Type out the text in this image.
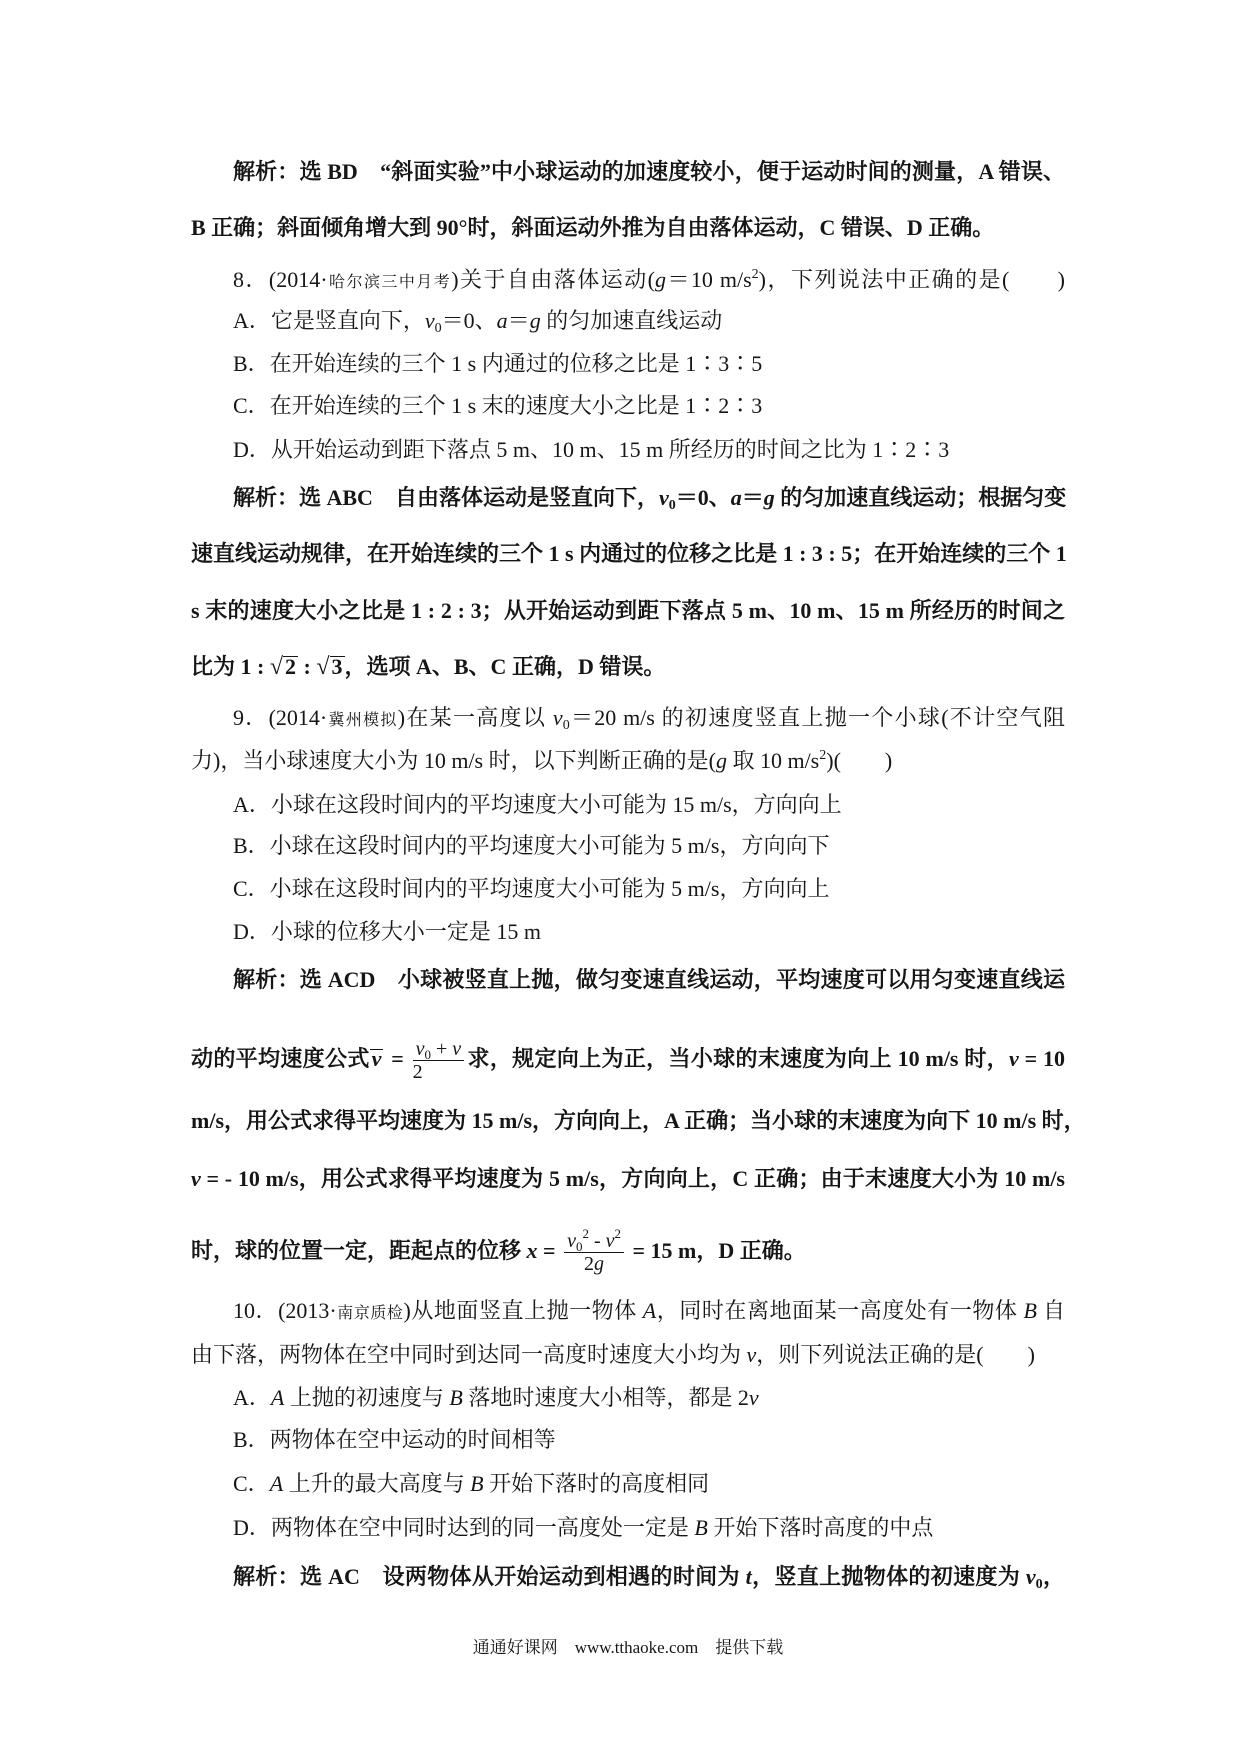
解析：选 BD　“斜面实验”中小球运动的加速度较小，便于运动时间的测量，A 错误、
B 正确；斜面倾角增大到 90°时，斜面运动外推为自由落体运动，C 错误、D 正确。
8．(2014·哈尔滨三中月考)关于自由落体运动(g＝10 $m/s^2$)，下列说法中正确的是(　　)
A．它是竖直向下，$v_0=0$、a＝g 的匀加速直线运动
B．在开始连续的三个 1 s 内通过的位移之比是 1∶3∶5
C．在开始连续的三个 1 s 末的速度大小之比是 1∶2∶3
D．从开始运动到距下落点 5 m、10 m、15 m 所经历的时间之比为 1∶2∶3
解析：选 ABC　自由落体运动是竖直向下，$v_0=0$、a＝g 的匀加速直线运动；根据匀变
速直线运动规律，在开始连续的三个 1 s 内通过的位移之比是 1 : 3 : 5；在开始连续的三个 1
s 末的速度大小之比是 1 : 2 : 3；从开始运动到距下落点 5 m、10 m、15 m 所经历的时间之
比为 1 : √2 : √3，选项 A、B、C 正确，D 错误。
9．(2014·冀州模拟)在某一高度以 $v_0=20$ m/s 的初速度竖直上抛一个小球(不计空气阻
力)，当小球速度大小为 10 m/s 时，以下判断正确的是(g 取 10 $m/s^2$)(　　)
A．小球在这段时间内的平均速度大小可能为 15 m/s，方向向上
B．小球在这段时间内的平均速度大小可能为 5 m/s，方向向下
C．小球在这段时间内的平均速度大小可能为 5 m/s，方向向上
D．小球的位移大小一定是 15 m
解析：选 ACD　小球被竖直上抛，做匀变速直线运动，平均速度可以用匀变速直线运
动的平均速度公式$v = \frac{v_0 + v}{2}$ 求，规定向上为正，当小球的末速度为向上 10 m/s 时，v = 10
m/s，用公式求得平均速度为 15 m/s，方向向上，A 正确；当小球的末速度为向下 10 m/s 时，
v = - 10 m/s，用公式求得平均速度为 5 m/s，方向向上，C 正确；由于末速度大小为 10 m/s
时，球的位置一定，距起点的位移 $x = \frac{v_0^2 - v^2}{2g} = 15$ m，D 正确。
10．(2013·南京质检)从地面竖直上抛一物体 A，同时在离地面某一高度处有一物体 B 自
由下落，两物体在空中同时到达同一高度时速度大小均为 v，则下列说法正确的是(　　)
A．A 上抛的初速度与 B 落地时速度大小相等，都是 2v
B．两物体在空中运动的时间相等
C．A 上升的最大高度与 B 开始下落时的高度相同
D．两物体在空中同时达到的同一高度处一定是 B 开始下落时高度的中点
解析：选 AC　设两物体从开始运动到相遇的时间为 t，竖直上抛物体的初速度为 $v_0$，
通通好课网　www.tthaoke.com　提供下载
